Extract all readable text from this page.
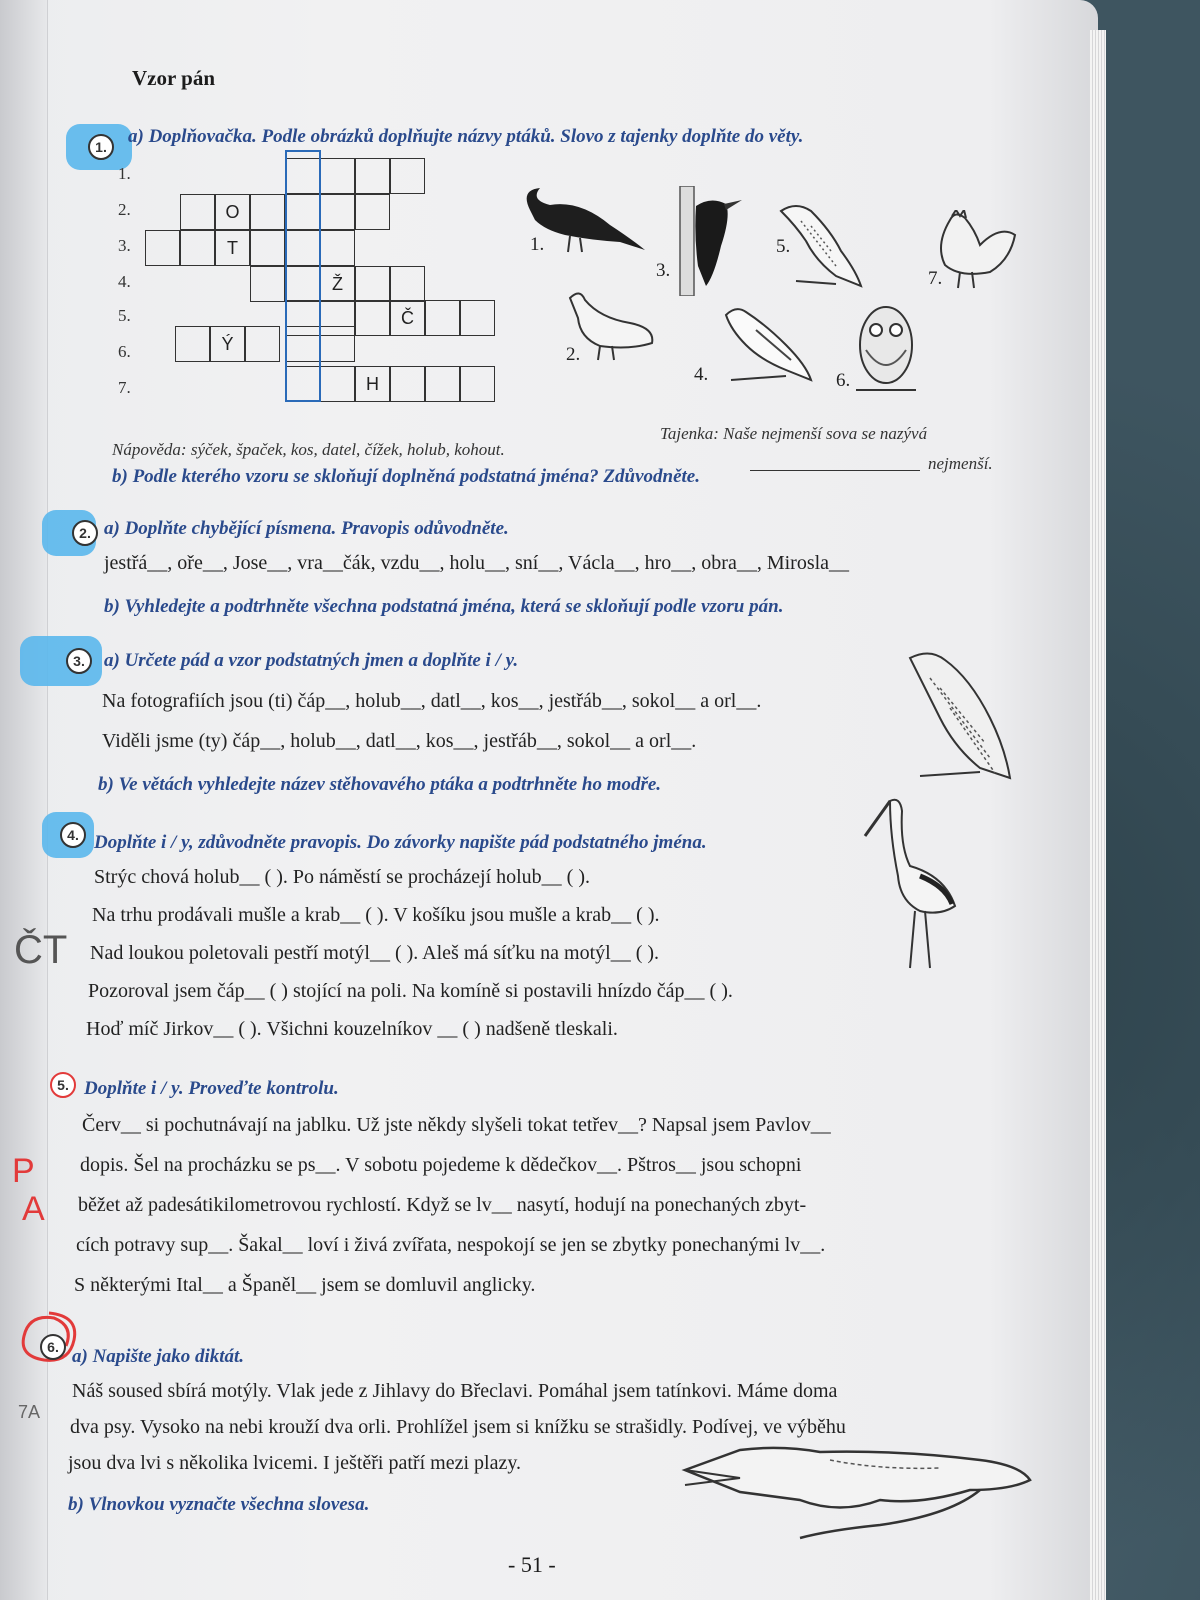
Vzor pán
1.	a) Doplňovačka. Podle obrázků doplňujte názvy ptáků. Slovo z tajenky doplňte do věty.
1.
2.
3.
4.
5.
6.
7.
O
T
Ž
Č
Ý
H
1.
2.
3.
4.
5.
6.
7.
Nápověda: sýček, špaček, kos, datel, čížek, holub, kohout.
Tajenka: Naše nejmenší sova se nazývá
nejmenší.
b) Podle kterého vzoru se skloňují doplněná podstatná jména? Zdůvodněte.
2. a) Doplňte chybějící písmena. Pravopis odůvodněte.
jestřá__, oře__, Jose__, vra__čák, vzdu__, holu__, sní__, Václa__, hro__, obra__, Mirosla__
b) Vyhledejte a podtrhněte všechna podstatná jména, která se skloňují podle vzoru pán.
3.	a) Určete pád a vzor podstatných jmen a doplňte i / y.
Na fotografiích jsou (ti) čáp__, holub__, datl__, kos__, jestřáb__, sokol__ a orl__.
Viděli jsme (ty) čáp__, holub__, datl__, kos__, jestřáb__, sokol__ a orl__.
b) Ve větách vyhledejte název stěhovavého ptáka a podtrhněte ho modře.
4. Doplňte i / y, zdůvodněte pravopis. Do závorky napište pád podstatného jména.
Strýc chová holub__ ( ). Po náměstí se procházejí holub__ ( ).
Na trhu prodávali mušle a krab__ ( ). V košíku jsou mušle a krab__ ( ).
Nad loukou poletovali pestří motýl__ ( ). Aleš má síťku na motýl__ ( ).
Pozoroval jsem čáp__ ( ) stojící na poli. Na komíně si postavili hnízdo čáp__ ( ).
Hoď míč Jirkov__ ( ). Všichni kouzelníkov __ ( ) nadšeně tleskali.
ČT
5. Doplňte i / y. Proveďte kontrolu.
Červ__ si pochutnávají na jablku. Už jste někdy slyšeli tokat tetřev__? Napsal jsem Pavlov__
dopis. Šel na procházku se ps__. V sobotu pojedeme k dědečkov__. Pštros__ jsou schopni
běžet až padesátikilometrovou rychlostí. Když se lv__ nasytí, hodují na ponechaných zbyt-
cích potravy sup__. Šakal__ loví i živá zvířata, nespokojí se jen se zbytky ponechanými lv__.
S některými Ital__ a Španěl__ jsem se domluvil anglicky.
P
A
6. a) Napište jako diktát.
Náš soused sbírá motýly. Vlak jede z Jihlavy do Břeclavi. Pomáhal jsem tatínkovi. Máme doma
dva psy. Vysoko na nebi krouží dva orli. Prohlížel jsem si knížku se strašidly. Podívej, ve výběhu
jsou dva lvi s několika lvicemi. I ještěři patří mezi plazy.
b) Vlnovkou vyznačte všechna slovesa.
7A
- 51 -
